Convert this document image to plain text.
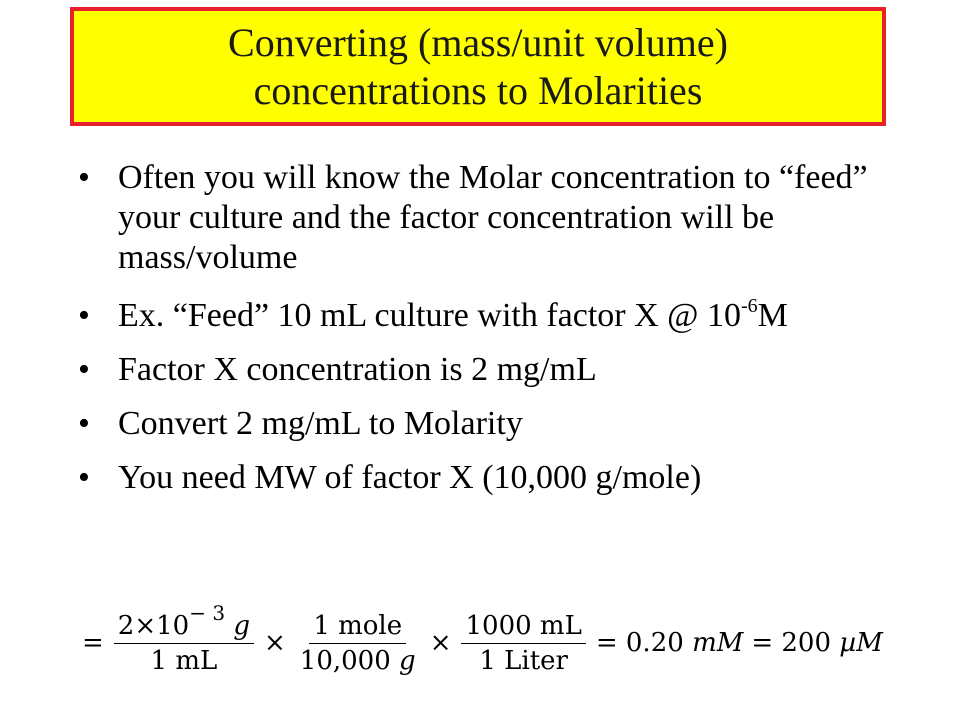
Converting (mass/unit volume)
concentrations to Molarities
• Often you will know the Molar concentration to “feed” your culture and the factor concentration will be mass/volume
• Ex. “Feed” 10 mL culture with factor X @ $10^{-6}M$
• Factor X concentration is 2 mg/mL
• Convert 2 mg/mL to Molarity
• You need MW of factor X (10,000 g/mole)
= $\frac{2\times 10^{- 3} g}{1 mL} \times \frac{\text{1 mole}}{10,000 g} \times \frac{1000 mL}{\text{1 Liter}} = 0.20$ mM = 200 µM
